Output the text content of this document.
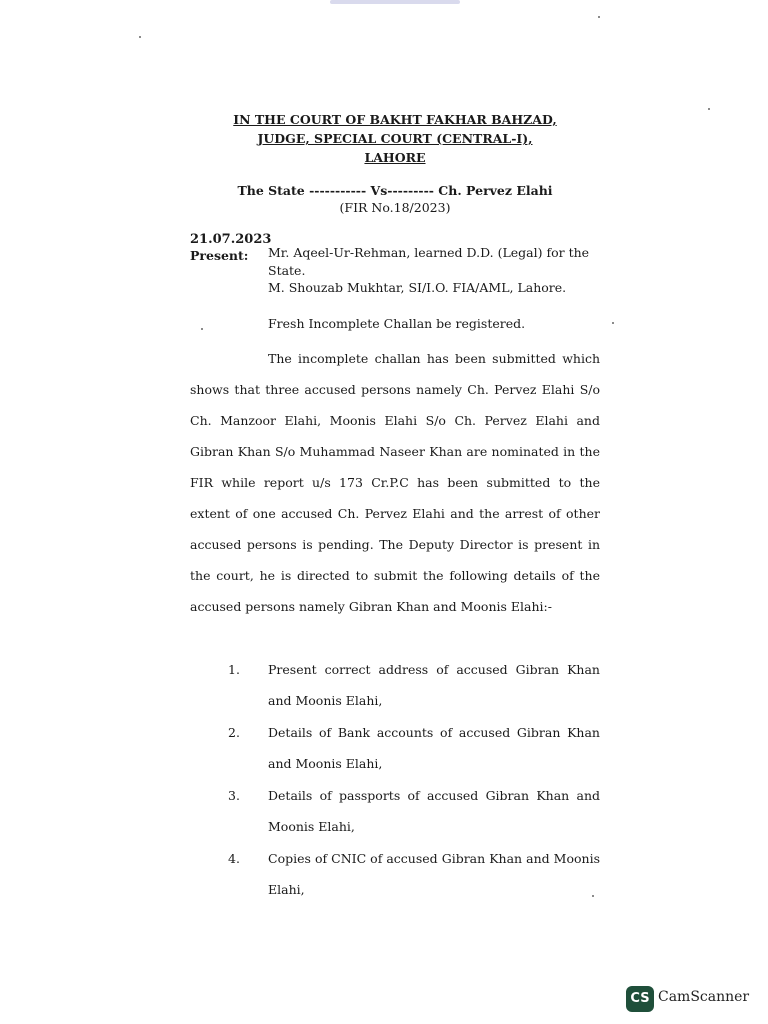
IN THE COURT OF BAKHT FAKHAR BAHZAD,
JUDGE, SPECIAL COURT (CENTRAL-I),
LAHORE
The State ----------- Vs--------- Ch. Pervez Elahi
(FIR No.18/2023)
21.07.2023
Present: Mr. Aqeel-Ur-Rehman, learned D.D. (Legal) for the State.
M. Shouzab Mukhtar, SI/I.O. FIA/AML, Lahore.
Fresh Incomplete Challan be registered.
The incomplete challan has been submitted which shows that three accused persons namely Ch. Pervez Elahi S/o Ch. Manzoor Elahi, Moonis Elahi S/o Ch. Pervez Elahi and Gibran Khan S/o Muhammad Naseer Khan are nominated in the FIR while report u/s 173 Cr.P.C has been submitted to the extent of one accused Ch. Pervez Elahi and the arrest of other accused persons is pending. The Deputy Director is present in the court, he is directed to submit the following details of the accused persons namely Gibran Khan and Moonis Elahi:-
1.	Present correct address of accused Gibran Khan and Moonis Elahi,
2.	Details of Bank accounts of accused Gibran Khan and Moonis Elahi,
3.	Details of passports of accused Gibran Khan and Moonis Elahi,
4.	Copies of CNIC of accused Gibran Khan and Moonis Elahi,
CS CamScanner
